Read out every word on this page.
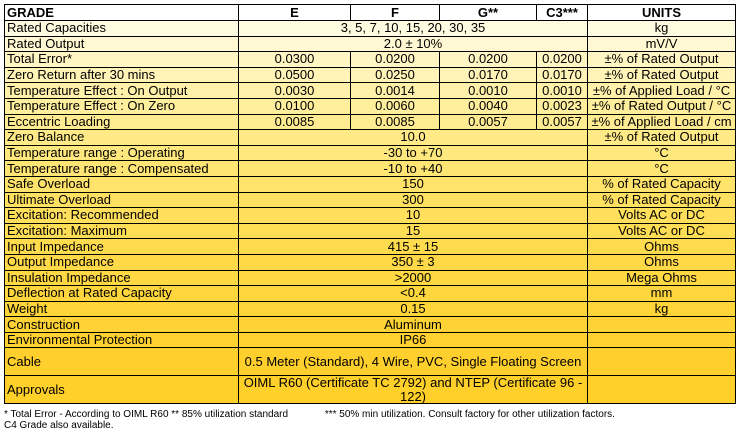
GRADE	E	F	G**	C3***	UNITS
Rated Capacities	3, 5, 7, 10, 15, 20, 30, 35				kg
Rated Output	2.0 ± 10%				mV/V
Total Error*	0.0300	0.0200	0.0200	0.0200	±% of Rated Output
Zero Return after 30 mins	0.0500	0.0250	0.0170	0.0170	±% of Rated Output
Temperature Effect : On Output	0.0030	0.0014	0.0010	0.0010	±% of Applied Load / °C
Temperature Effect : On Zero	0.0100	0.0060	0.0040	0.0023	±% of Rated Output / °C
Eccentric Loading	0.0085	0.0085	0.0057	0.0057	±% of Applied Load / cm
Zero Balance	10.0				±% of Rated Output
Temperature range : Operating	-30 to +70				°C
Temperature range : Compensated	-10 to +40				°C
Safe Overload	150				% of Rated Capacity
Ultimate Overload	300				% of Rated Capacity
Excitation: Recommended	10				Volts AC or DC
Excitation: Maximum	15				Volts AC or DC
Input Impedance	415 ± 15				Ohms
Output Impedance	350 ± 3				Ohms
Insulation Impedance	>2000				Mega Ohms
Deflection at Rated Capacity	<0.4				mm
Weight	0.15				kg
Construction	Aluminum				
Environmental Protection	IP66				
Cable	0.5 Meter (Standard), 4 Wire, PVC, Single Floating Screen				
Approvals	OIML R60 (Certificate TC 2792) and NTEP (Certificate 96 - 122)				
* Total Error - According to OIML R60 ** 85% utilization standard	*** 50% min utilization. Consult factory for other utilization factors.
C4 Grade also available.
